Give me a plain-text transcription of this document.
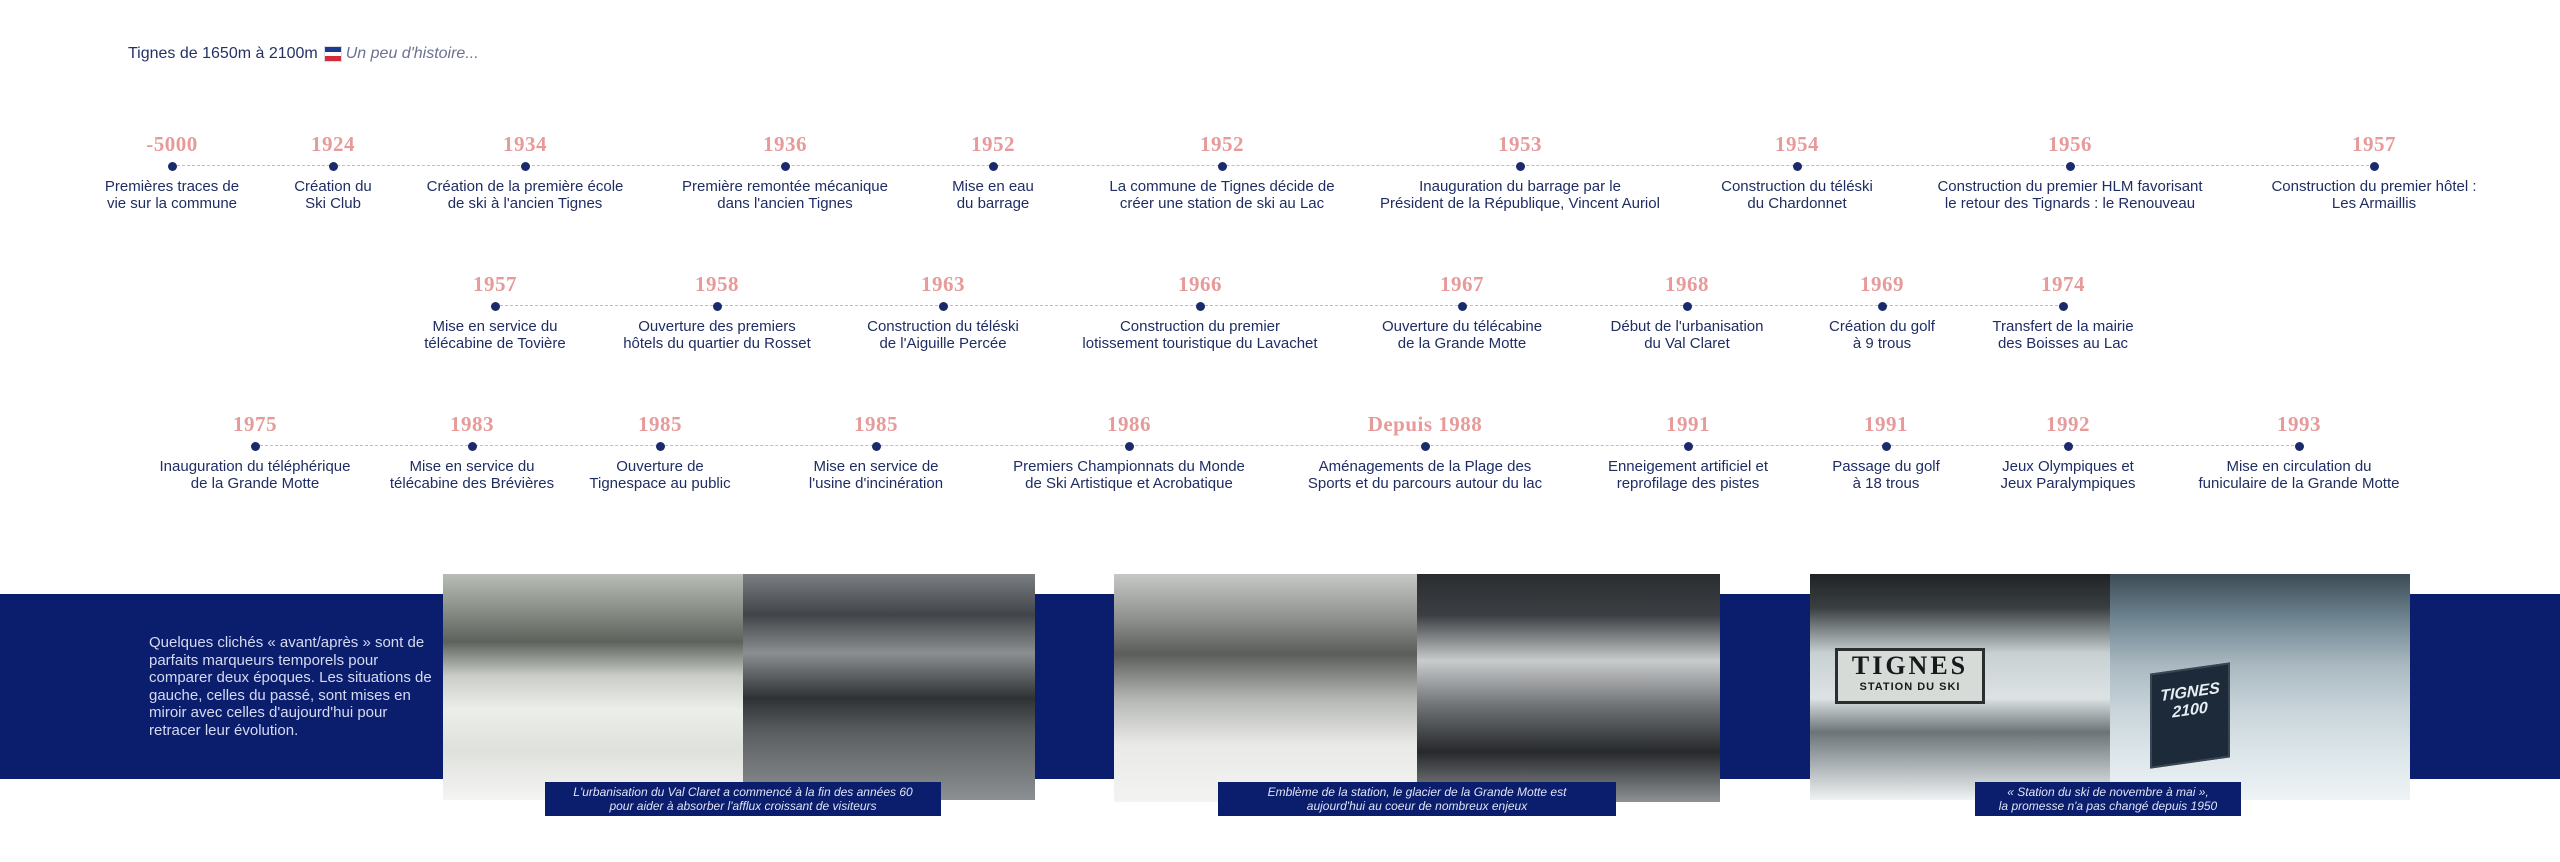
Tignes de 1650m à 2100m Un peu d'histoire...
-5000
Premières traces de
vie sur la commune
1924
Création du
Ski Club
1934
Création de la première école
de ski à l'ancien Tignes
1936
Première remontée mécanique
dans l'ancien Tignes
1952
Mise en eau
du barrage
1952
La commune de Tignes décide de
créer une station de ski au Lac
1953
Inauguration du barrage par le
Président de la République, Vincent Auriol
1954
Construction du téléski
du Chardonnet
1956
Construction du premier HLM favorisant
le retour des Tignards : le Renouveau
1957
Construction du premier hôtel :
Les Armaillis
1957
Mise en service du
télécabine de Tovière
1958
Ouverture des premiers
hôtels du quartier du Rosset
1963
Construction du téléski
de l'Aiguille Percée
1966
Construction du premier
lotissement touristique du Lavachet
1967
Ouverture du télécabine
de la Grande Motte
1968
Début de l'urbanisation
du Val Claret
1969
Création du golf
à 9 trous
1974
Transfert de la mairie
des Boisses au Lac
1975
Inauguration du téléphérique
de la Grande Motte
1983
Mise en service du
télécabine des Brévières
1985
Ouverture de
Tignespace au public
1985
Mise en service de
l'usine d'incinération
1986
Premiers Championnats du Monde
de Ski Artistique et Acrobatique
Depuis 1988
Aménagements de la Plage des
Sports et du parcours autour du lac
1991
Enneigement artificiel et
reprofilage des pistes
1991
Passage du golf
à 18 trous
1992
Jeux Olympiques et
Jeux Paralympiques
1993
Mise en circulation du
funiculaire de la Grande Motte
Quelques clichés « avant/après » sont de parfaits marqueurs temporels pour comparer deux époques. Les situations de gauche, celles du passé, sont mises en miroir avec celles d'aujourd'hui pour retracer leur évolution.
TIGNES
STATION DU SKI	TIGNES
2100
L'urbanisation du Val Claret a commencé à la fin des années 60
pour aider à absorber l'afflux croissant de visiteurs
Emblème de la station, le glacier de la Grande Motte est
aujourd'hui au coeur de nombreux enjeux
« Station du ski de novembre à mai »,
la promesse n'a pas changé depuis 1950
